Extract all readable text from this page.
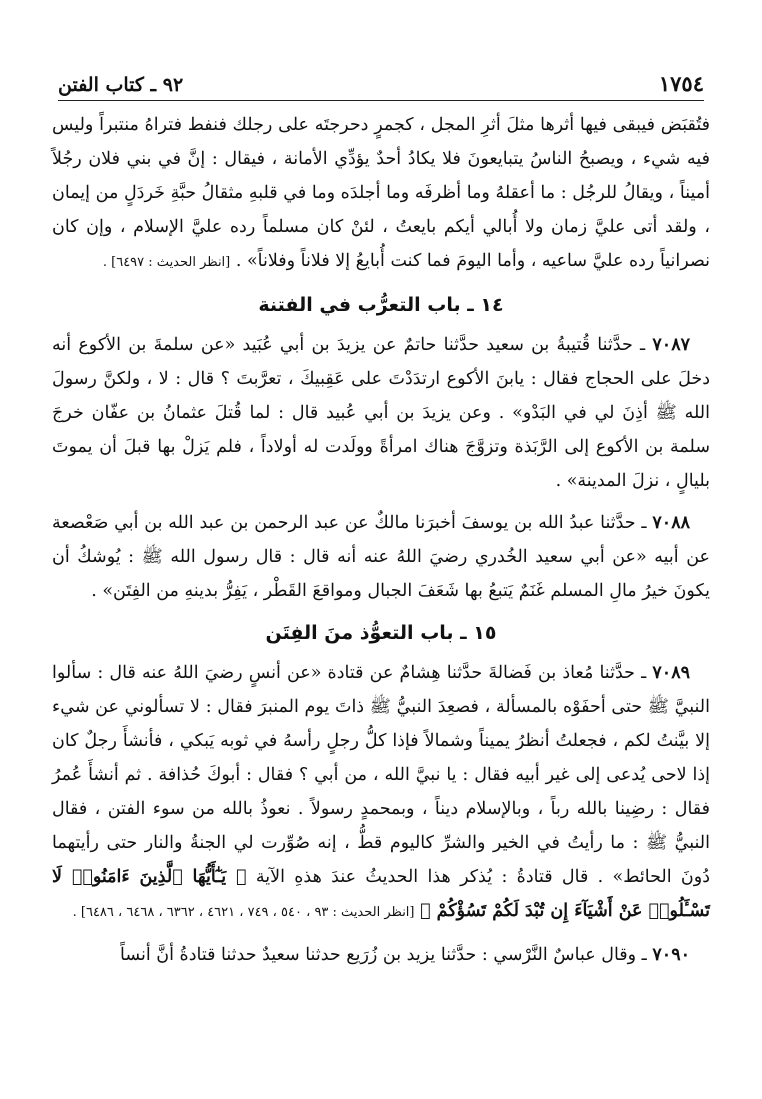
١٧٥٤
٩٢ ـ كتاب الفتن

فتُقبَض فيبقى فيها أثرها مثلَ أثرِ المجل ، كجمرٍ دحرجتَه على رجلك فنفط فتراهُ منتبراً وليس فيه شيء ، ويصبحُ الناسُ يتبايعونَ فلا يكادُ أحدٌ يؤدِّي الأمانة ، فيقال : إنَّ في بني فلان رجُلاً أميناً ، ويقالُ للرجُل : ما أعقلهُ وما أظرفَه وما أجلدَه وما في قلبهِ مثقالُ حبَّةِ خَردَلٍ من إيمان ، ولقد أتى عليَّ زمان ولا أُبالي أيكم بايعتُ ، لئنْ كان مسلماً رده عليَّ الإسلام ، وإن كان نصرانياً رده عليَّ ساعيه ، وأما اليومَ فما كنت أُبايعُ إلا فلاناً وفلاناً» . [انظر الحديث : ٦٤٩٧] .

١٤ ـ باب التعرُّب في الفتنة

٧٠٨٧ ـ حدَّثنا قُتيبةُ بن سعيد حدَّثنا حاتمٌ عن يزيدَ بن أبي عُبَيد «عن سلمةَ بن الأكوع أنه دخلَ على الحجاج فقال : يابنَ الأكوع ارتدَدْتَ على عَقِبيكَ ، تعرَّبتَ ؟ قال : لا ، ولكنَّ رسولَ الله ﷺ أذِنَ لي في البَدْو» . وعن يزيدَ بن أبي عُبيد قال : لما قُتلَ عثمانُ بن عفّان خرجَ سلمة بن الأكوع إلى الرَّبَذة وتزوَّجَ هناك امرأةً وولَدت له أولاداً ، فلم يَزلْ بها قبلَ أن يموتَ بليالٍ ، نزلَ المدينة» .

٧٠٨٨ ـ حدَّثنا عبدُ الله بن يوسفَ أخبرَنا مالكٌ عن عبد الرحمن بن عبد الله بن أبي صَعْصعة عن أبيه «عن أبي سعيد الخُدري رضيَ اللهُ عنه أنه قال : قال رسول الله ﷺ : يُوشكُ أن يكونَ خيرُ مالِ المسلم غَنَمٌ يَتبعُ بها شَعَفَ الجبال ومواقعَ القَطْر ، يَفِرُّ بدينهِ من الفِتَن» .

١٥ ـ باب التعوُّذ منَ الفِتَن

٧٠٨٩ ـ حدَّثنا مُعاذ بن فَضالةَ حدَّثنا هِشامٌ عن قتادة «عن أنسٍ رضيَ اللهُ عنه قال : سألوا النبيَّ ﷺ حتى أحفَوْه بالمسألة ، فصعِدَ النبيُّ ﷺ ذاتَ يوم المنبرَ فقال : لا تسألوني عن شيء إلا بيَّنتُ لكم ، فجعلتُ أنظرُ يميناً وشمالاً فإذا كلُّ رجلٍ رأسهُ في ثوبه يَبكي ، فأنشأَ رجلٌ كان إذا لاحى يُدعى إلى غير أبيه فقال : يا نبيَّ الله ، من أبي ؟ فقال : أبوكَ حُذافة . ثم أنشأَ عُمرُ فقال : رضِينا بالله رباً ، وبالإسلام ديناً ، وبمحمدٍ رسولاً . نعوذُ بالله من سوء الفتن ، فقال النبيُّ ﷺ : ما رأيتُ في الخير والشرِّ كاليوم قطُّ ، إنه صُوِّرت لي الجنةُ والنار حتى رأيتهما دُونَ الحائط» . قال قتادةُ : يُذكر هذا الحديثُ عندَ هذهِ الآية ﴿ يَـٰٓأَيُّهَا ٱلَّذِينَ ءَامَنُوا۟ لَا تَسْـَٔلُوا۟ عَنْ أَشْيَآءَ إِن تُبْدَ لَكُمْ تَسُؤْكُمْ ﴾ [انظر الحديث : ٩٣ ، ٥٤٠ ، ٧٤٩ ، ٤٦٢١ ، ٦٣٦٢ ، ٦٤٦٨ ، ٦٤٨٦] .

٧٠٩٠ ـ وقال عباسٌ النَّرْسي : حدَّثنا يزيد بن زُرَيع حدثنا سعيدٌ حدثنا قتادةُ أنَّ أنساً
